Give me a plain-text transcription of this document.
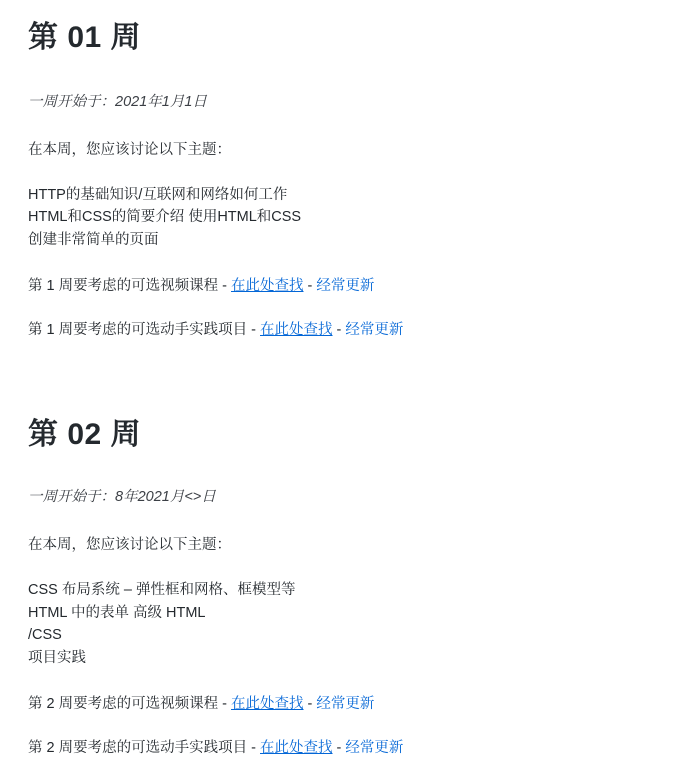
第 01 周

一周开始于：2021年1月1日

在本周，您应该讨论以下主题：

HTTP的基础知识/互联网和网络如何工作
HTML和CSS的简要介绍 使用HTML和CSS
创建非常简单的页面

第 1 周要考虑的可选视频课程 - 在此处查找 - 经常更新

第 1 周要考虑的可选动手实践项目 - 在此处查找 - 经常更新

第 02 周

一周开始于：8年2021月<>日

在本周，您应该讨论以下主题：

CSS 布局系统 – 弹性框和网格、框模型等
HTML 中的表单 高级 HTML
/CSS
项目实践

第 2 周要考虑的可选视频课程 - 在此处查找 - 经常更新

第 2 周要考虑的可选动手实践项目 - 在此处查找 - 经常更新
